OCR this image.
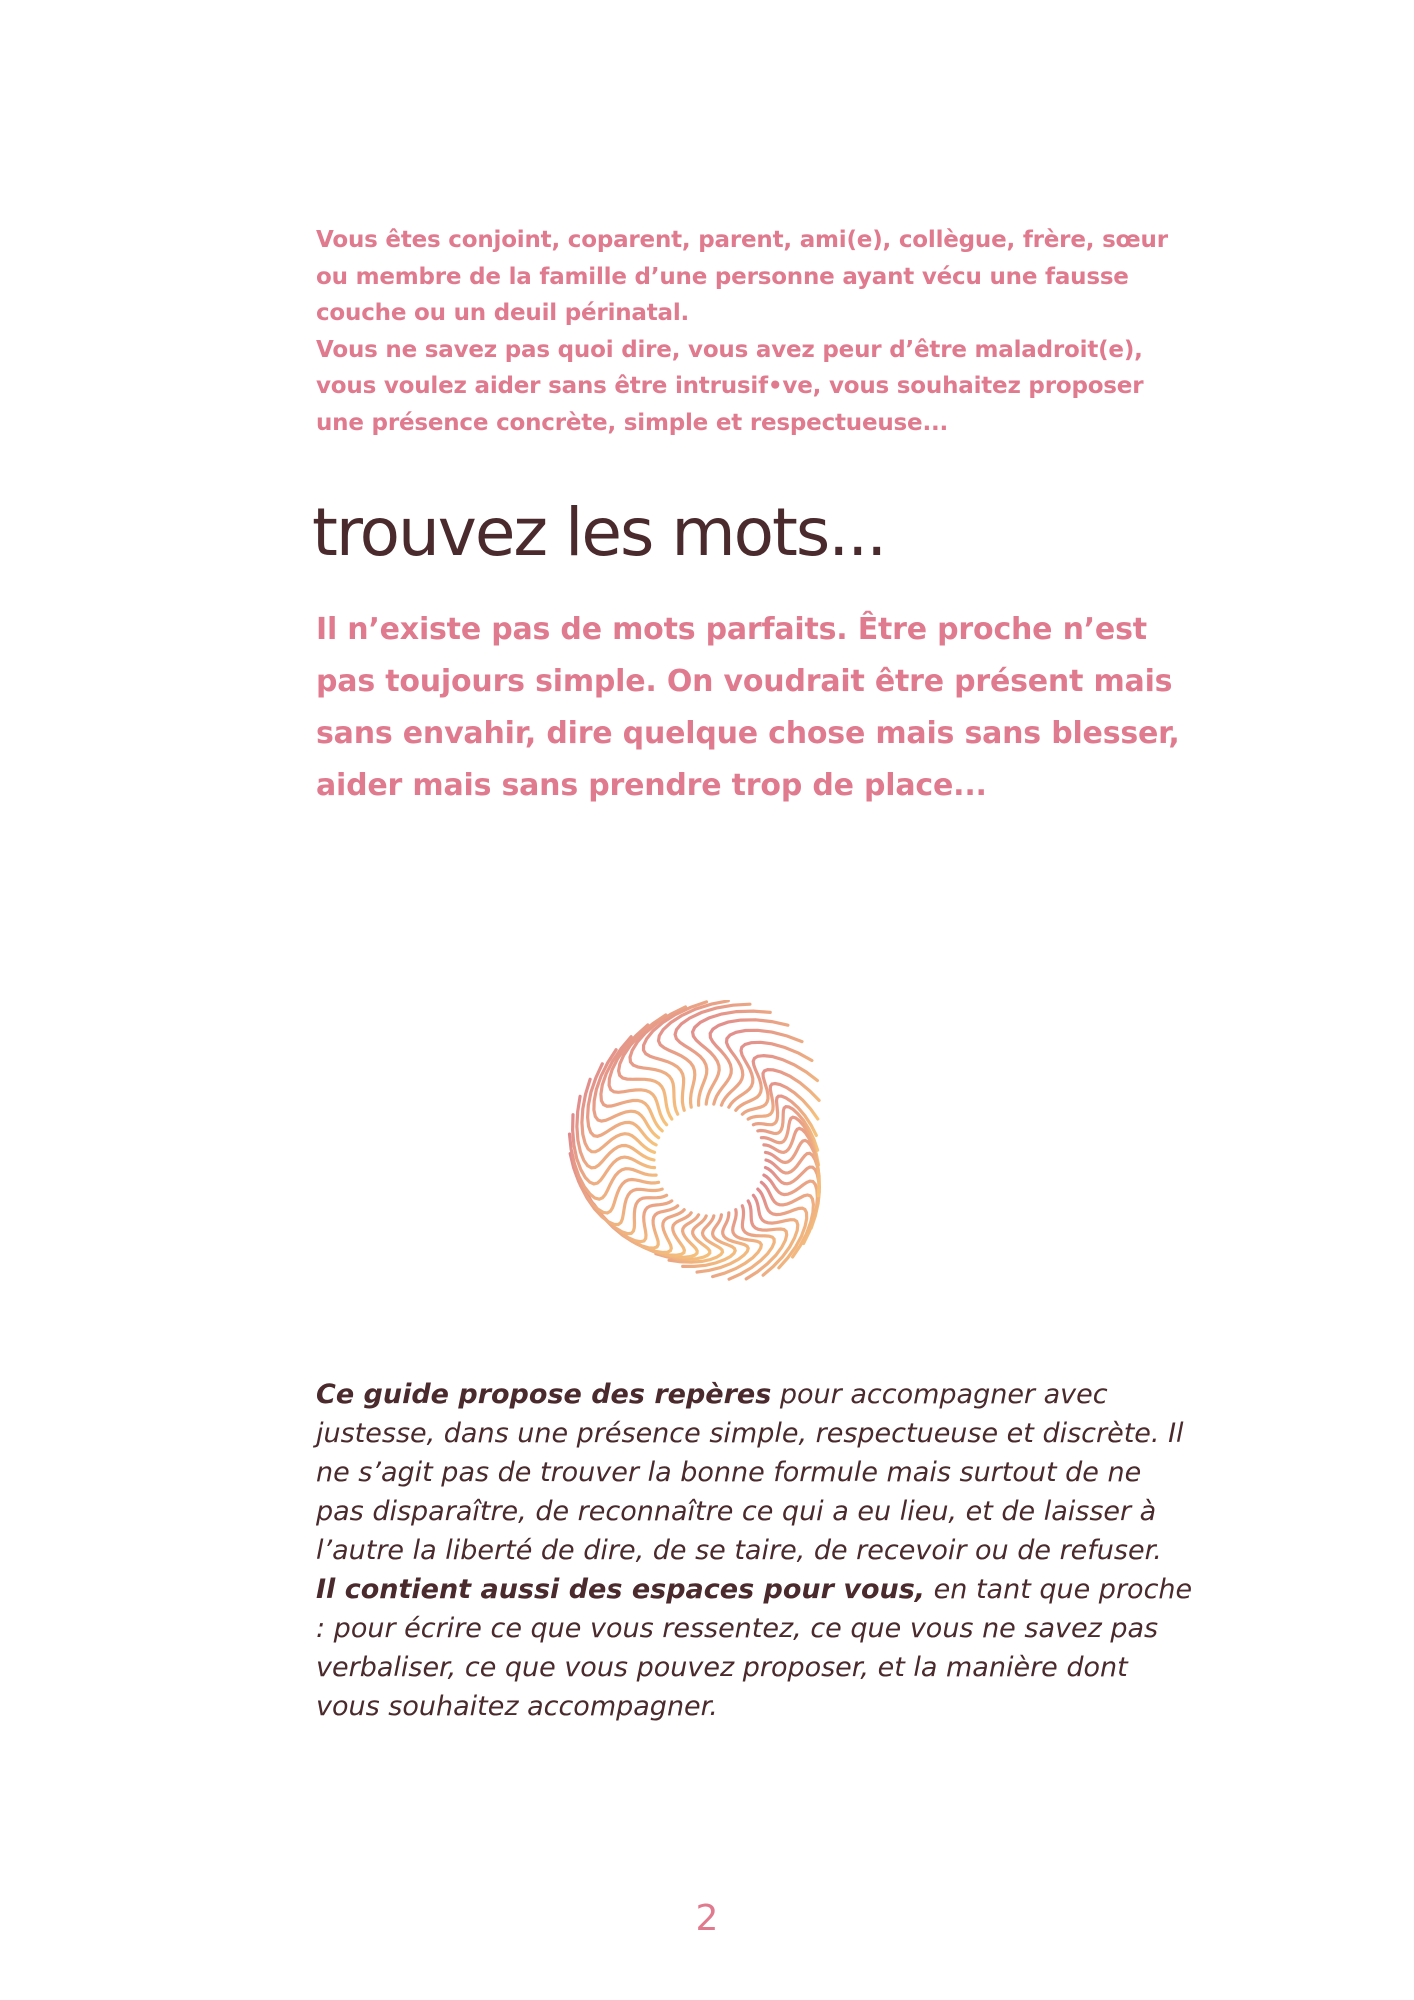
Vous êtes conjoint, coparent, parent, ami(e), collègue, frère, sœur ou membre de la famille d’une personne ayant vécu une fausse couche ou un deuil périnatal.

Vous ne savez pas quoi dire, vous avez peur d’être maladroit(e), vous voulez aider sans être intrusif•ve, vous souhaitez proposer une présence concrète, simple et respectueuse...

trouvez les mots...

Il n’existe pas de mots parfaits. Être proche n’est pas toujours simple. On voudrait être présent mais sans envahir, dire quelque chose mais sans blesser, aider mais sans prendre trop de place...

Ce guide propose des repères pour accompagner avec justesse, dans une présence simple, respectueuse et discrète. Il ne s’agit pas de trouver la bonne formule mais surtout de ne pas disparaître, de reconnaître ce qui a eu lieu, et de laisser à l’autre la liberté de dire, de se taire, de recevoir ou de refuser.

Il contient aussi des espaces pour vous, en tant que proche : pour écrire ce que vous ressentez, ce que vous ne savez pas verbaliser, ce que vous pouvez proposer, et la manière dont vous souhaitez accompagner.

2
